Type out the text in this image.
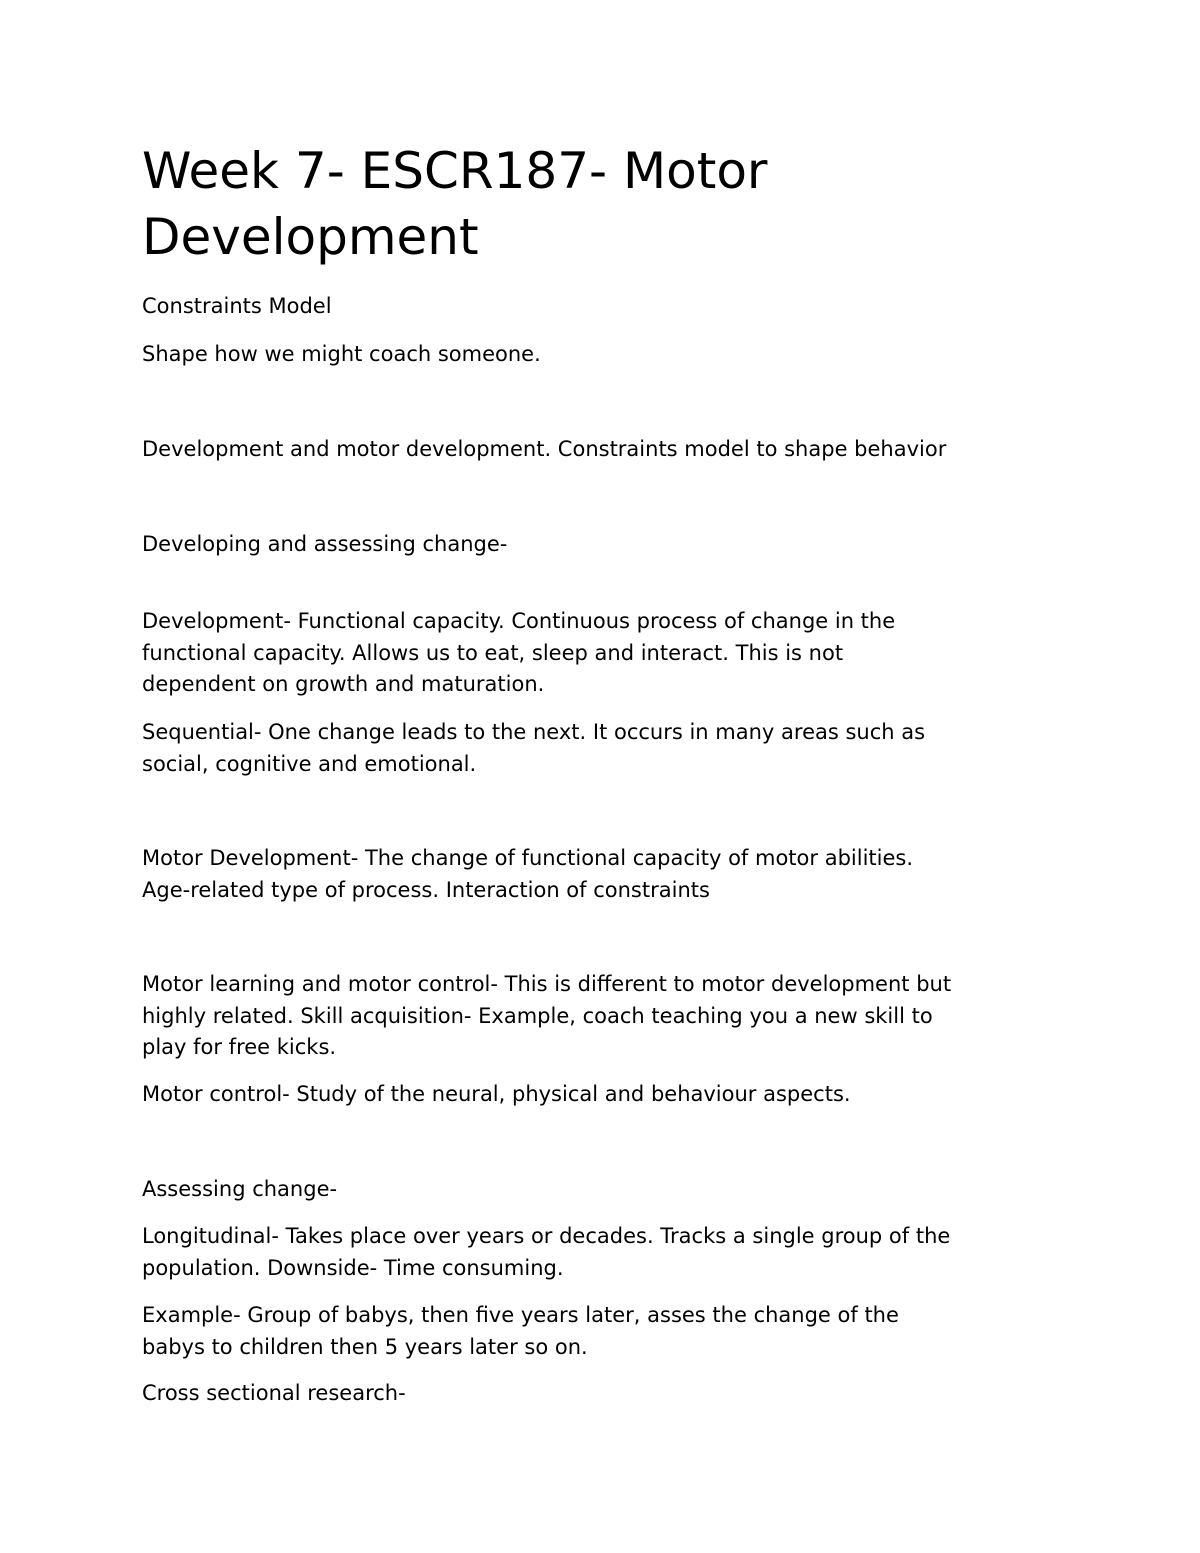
Week 7- ESCR187- Motor
Development

Constraints Model

Shape how we might coach someone.

Development and motor development. Constraints model to shape behavior

Developing and assessing change-

Development- Functional capacity. Continuous process of change in the
functional capacity. Allows us to eat, sleep and interact. This is not
dependent on growth and maturation.

Sequential- One change leads to the next. It occurs in many areas such as
social, cognitive and emotional.

Motor Development- The change of functional capacity of motor abilities.
Age-related type of process. Interaction of constraints

Motor learning and motor control- This is different to motor development but
highly related. Skill acquisition- Example, coach teaching you a new skill to
play for free kicks.

Motor control- Study of the neural, physical and behaviour aspects.

Assessing change-

Longitudinal- Takes place over years or decades. Tracks a single group of the
population. Downside- Time consuming.

Example- Group of babys, then five years later, asses the change of the
babys to children then 5 years later so on.

Cross sectional research-
